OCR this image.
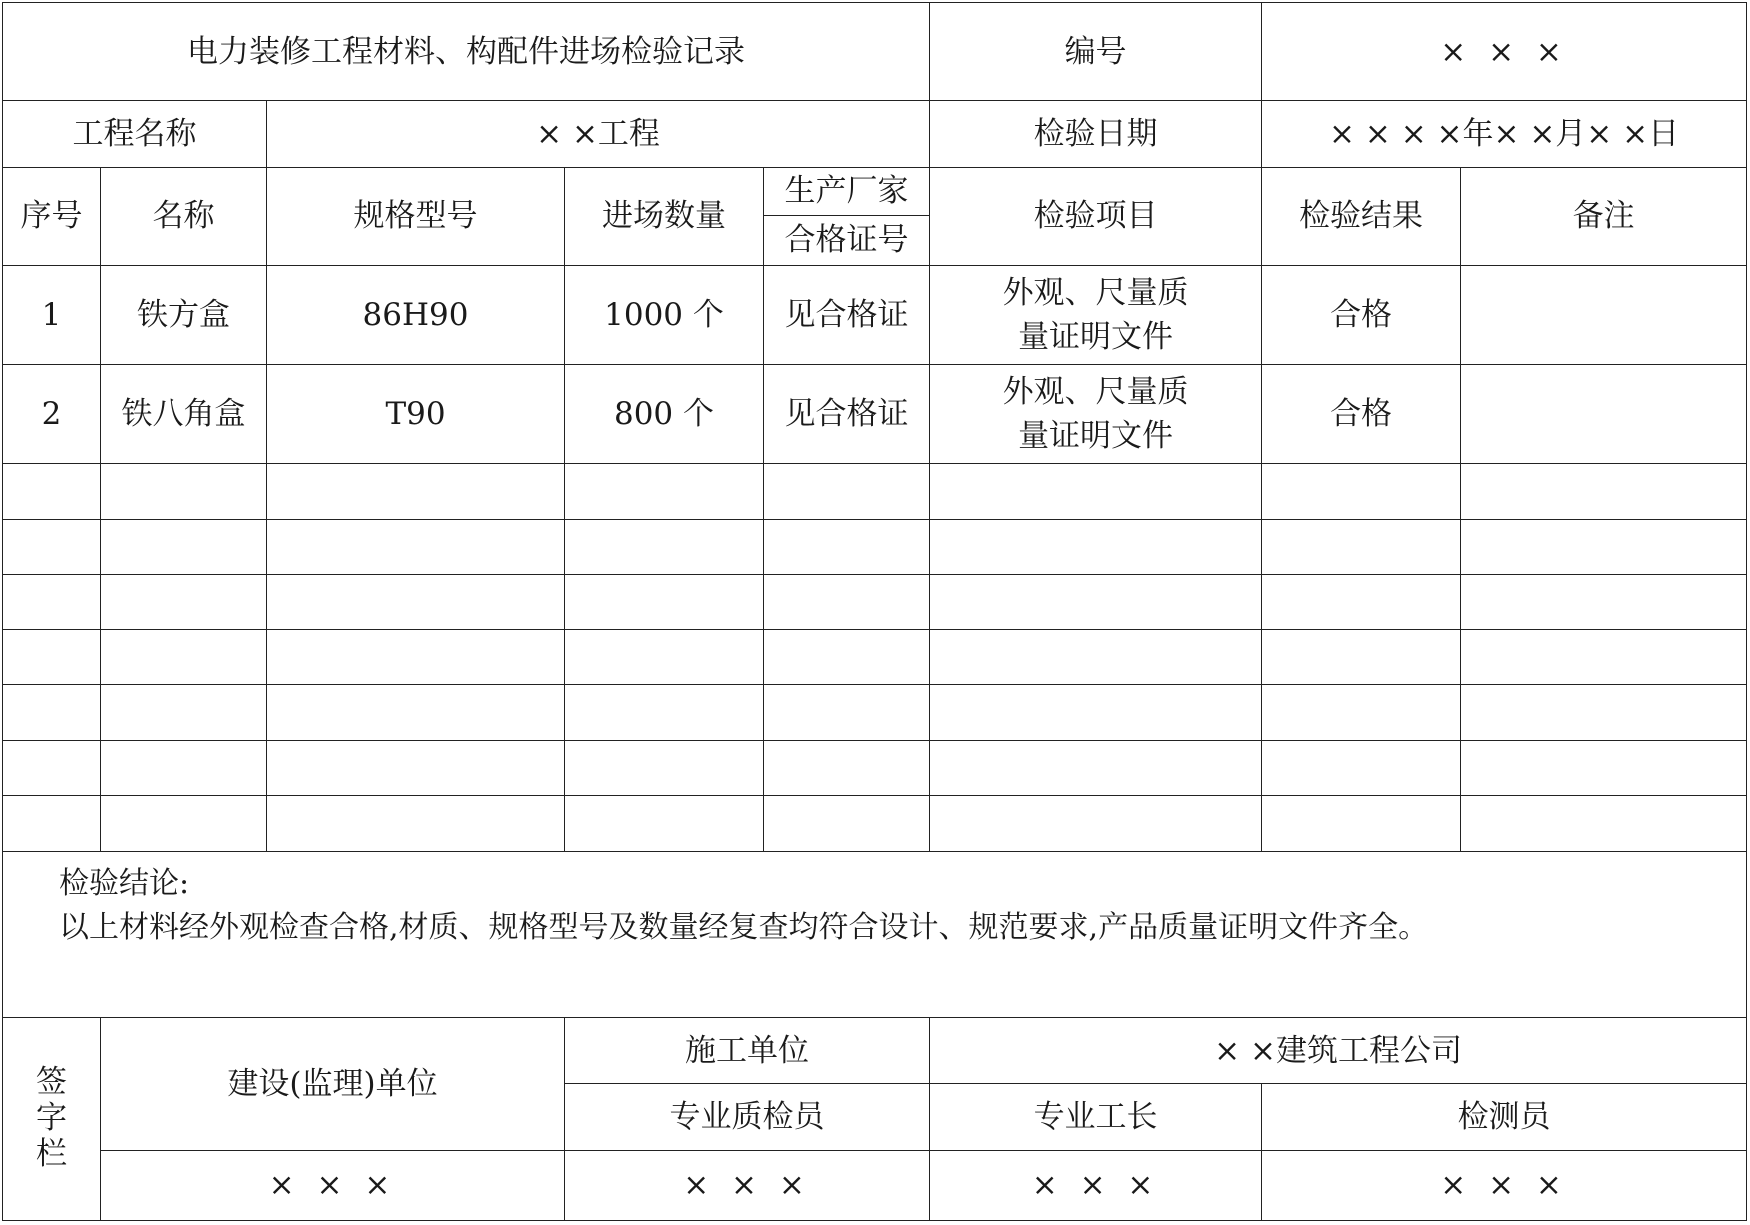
电力装修工程材料、构配件进场检验记录					编号	× × ×	
工程名称		× ×工程			检验日期	× × × ×年× ×月× ×日	
序号	名称	规格型号	进场数量	生产厂家	检验项目	检验结果	备注
				合格证号			
1	铁方盒	86H90	1000 个	见合格证	外观、尺量质量证明文件	合格	
2	铁八角盒	T90	800 个	见合格证	外观、尺量质量证明文件	合格	

检验结论:
以上材料经外观检查合格,材质、规格型号及数量经复查均符合设计、规范要求,产品质量证明文件齐全。							

签字栏	建设(监理)单位		施工单位		× ×建筑工程公司		
			专业质检员		专业工长	检测员	
	× × ×		× × ×		× × ×	× × ×	
